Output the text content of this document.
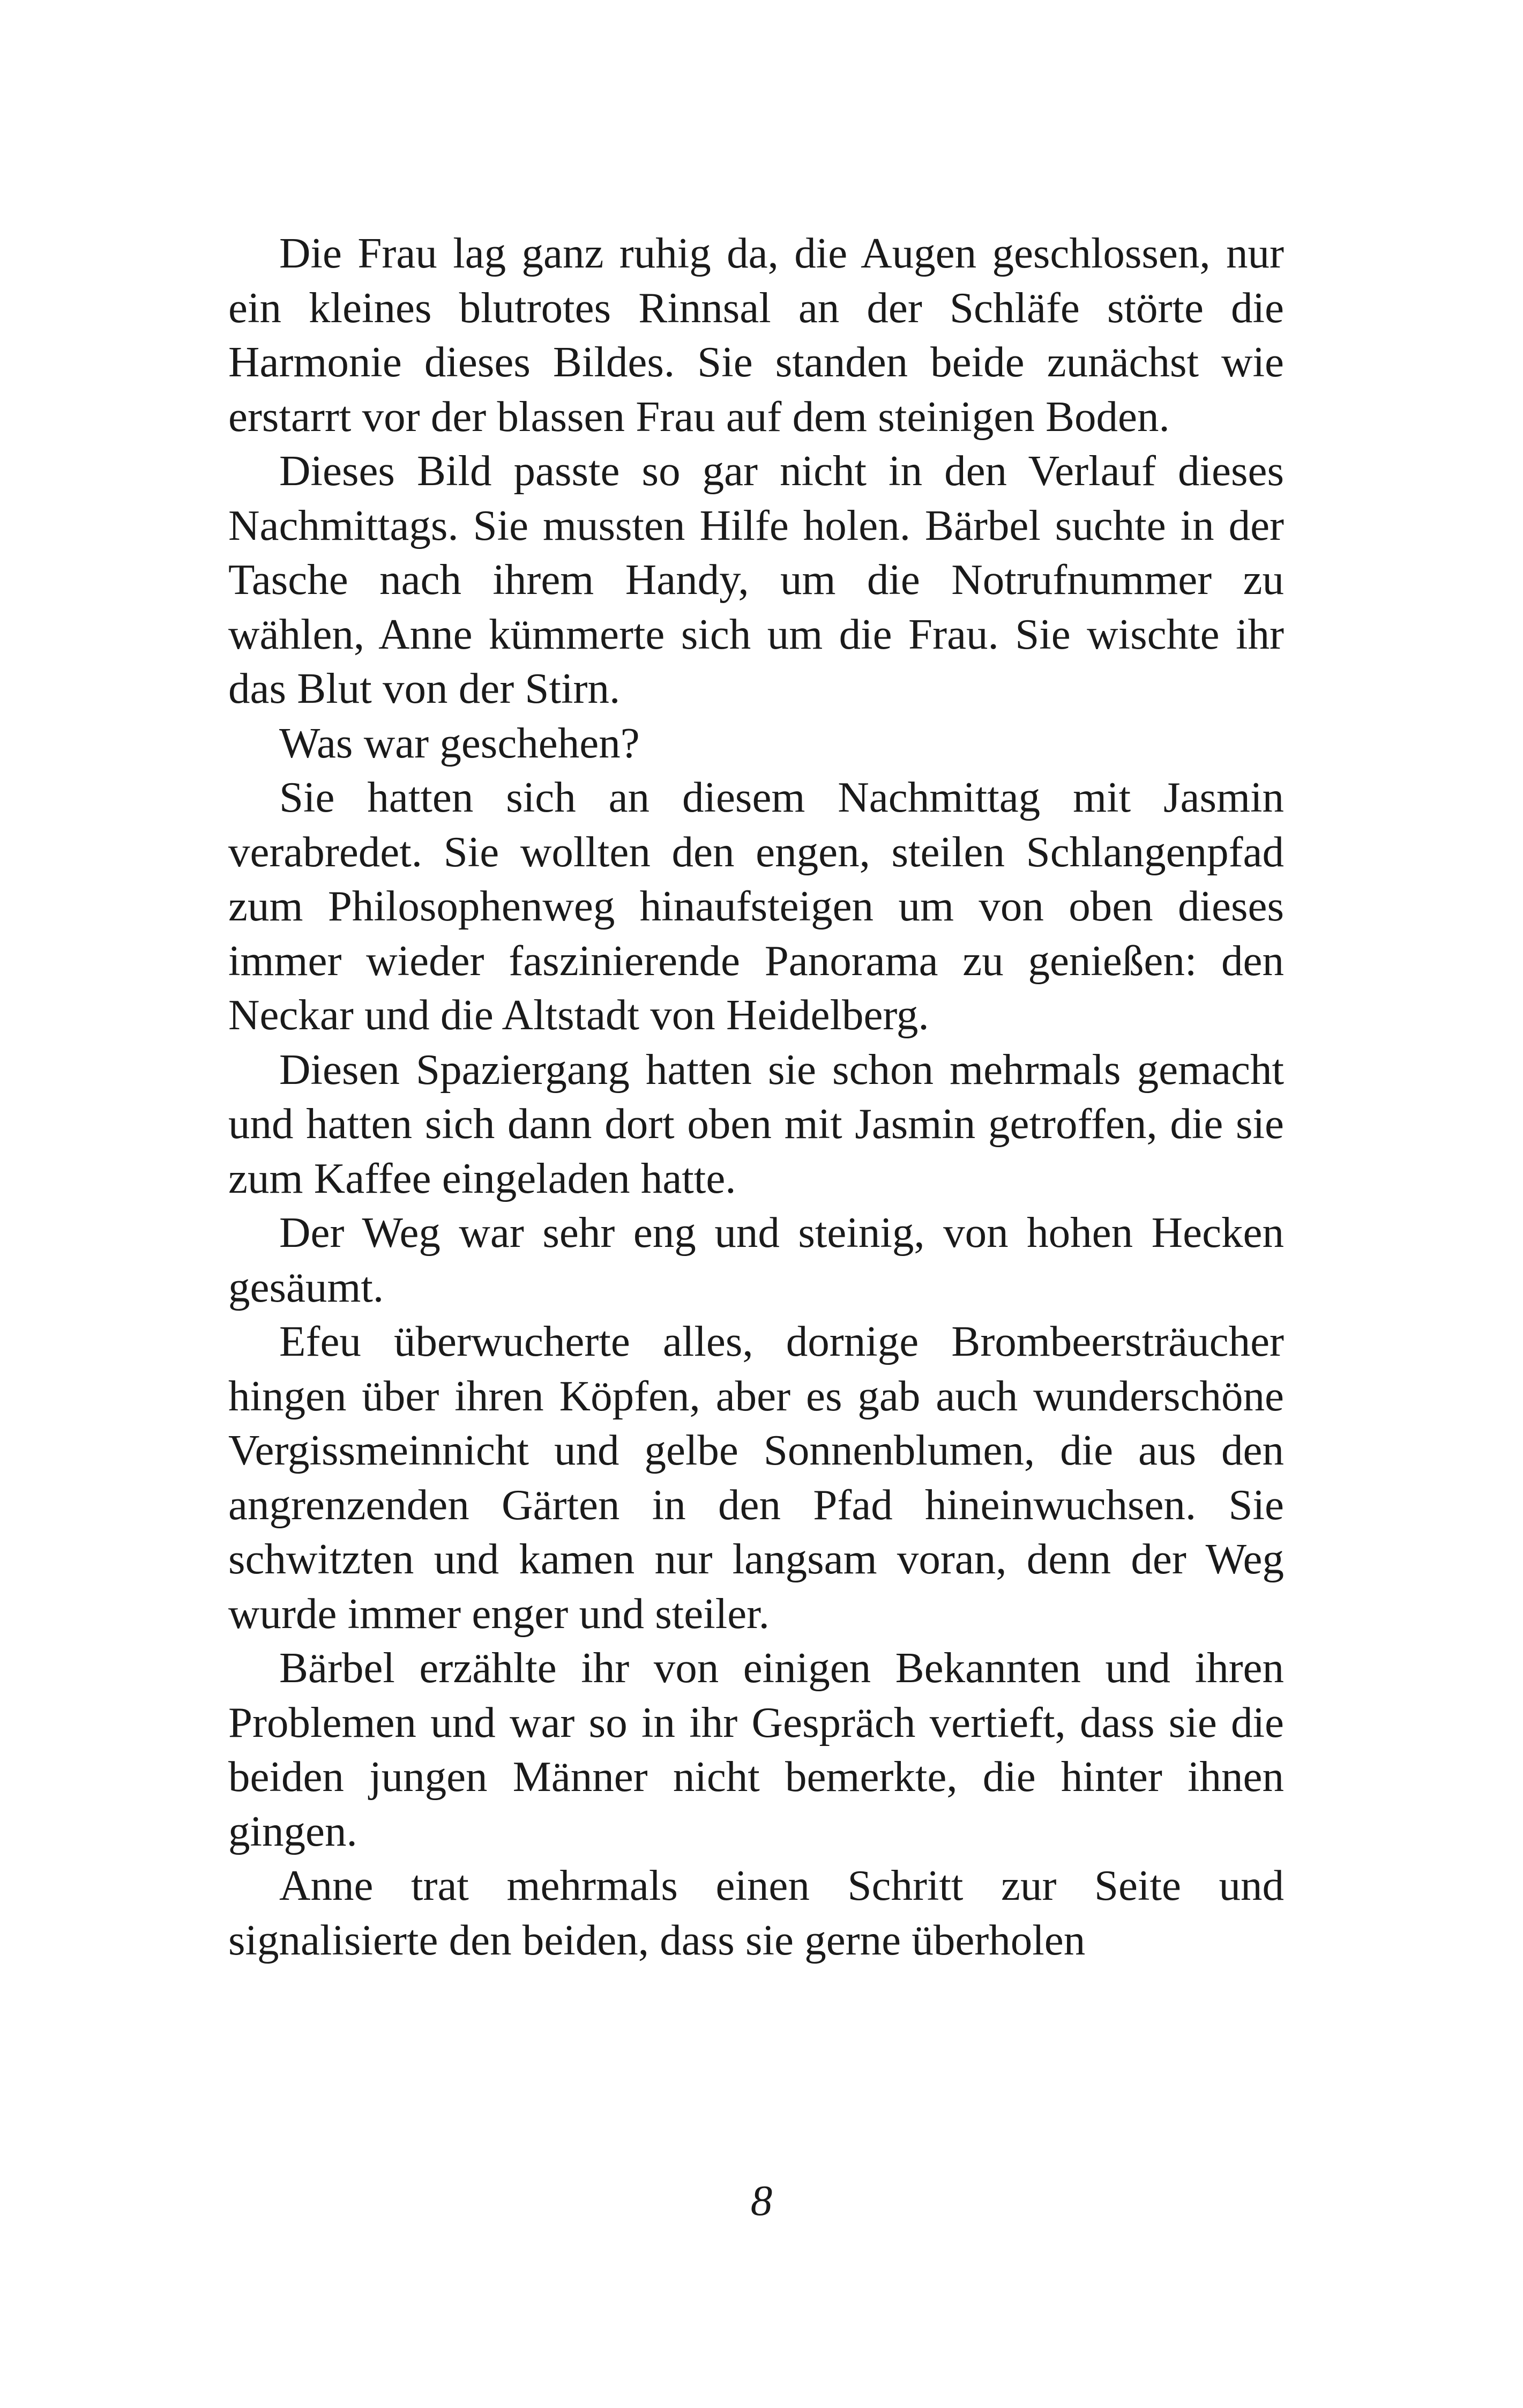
Die Frau lag ganz ruhig da, die Augen geschlossen, nur ein kleines blutrotes Rinnsal an der Schläfe störte die Harmonie dieses Bildes. Sie standen beide zunächst wie erstarrt vor der blassen Frau auf dem steinigen Boden.

Dieses Bild passte so gar nicht in den Verlauf dieses Nachmittags. Sie mussten Hilfe holen. Bärbel suchte in der Tasche nach ihrem Handy, um die Notrufnummer zu wählen, Anne kümmerte sich um die Frau. Sie wischte ihr das Blut von der Stirn.

Was war geschehen?

Sie hatten sich an diesem Nachmittag mit Jasmin verabredet. Sie wollten den engen, steilen Schlangenpfad zum Philosophenweg hinaufsteigen um von oben dieses immer wieder faszinierende Panorama zu genießen: den Neckar und die Altstadt von Heidelberg.

Diesen Spaziergang hatten sie schon mehrmals gemacht und hatten sich dann dort oben mit Jasmin getroffen, die sie zum Kaffee eingeladen hatte.

Der Weg war sehr eng und steinig, von hohen Hecken gesäumt.

Efeu überwucherte alles, dornige Brombeersträucher hingen über ihren Köpfen, aber es gab auch wunderschöne Vergissmeinnicht und gelbe Sonnenblumen, die aus den angrenzenden Gärten in den Pfad hineinwuchsen. Sie schwitzten und kamen nur langsam voran, denn der Weg wurde immer enger und steiler.

Bärbel erzählte ihr von einigen Bekannten und ihren Problemen und war so in ihr Gespräch vertieft, dass sie die beiden jungen Männer nicht bemerkte, die hinter ihnen gingen.

Anne trat mehrmals einen Schritt zur Seite und signalisierte den beiden, dass sie gerne überholen

8
